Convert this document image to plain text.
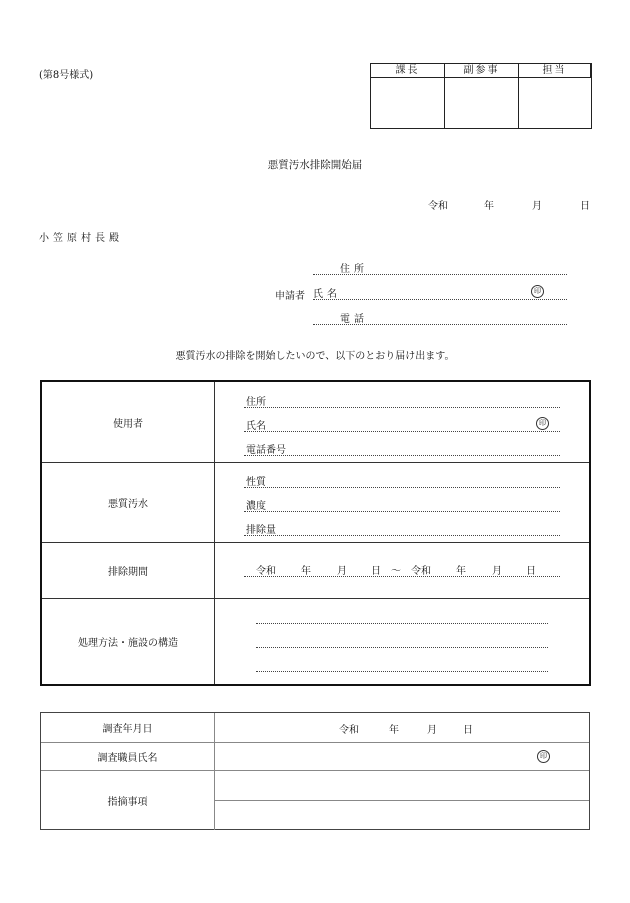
(第8号様式)	課長	副参事	担当
悪質汚水排除開始届
令和	年	月	日
小笠原村長殿
申請者
住所
氏名	印
電話
悪質汚水の排除を開始したいので、以下のとおり届け出ます。
使用者
住所
氏名	印
電話番号
悪質汚水
性質
濃度
排除量
排除期間	令和	年	月 日 〜 令和	年	月 日
処理方法・施設の構造
調査年月日	令和	年	月	日
調査職員氏名	印
指摘事項
